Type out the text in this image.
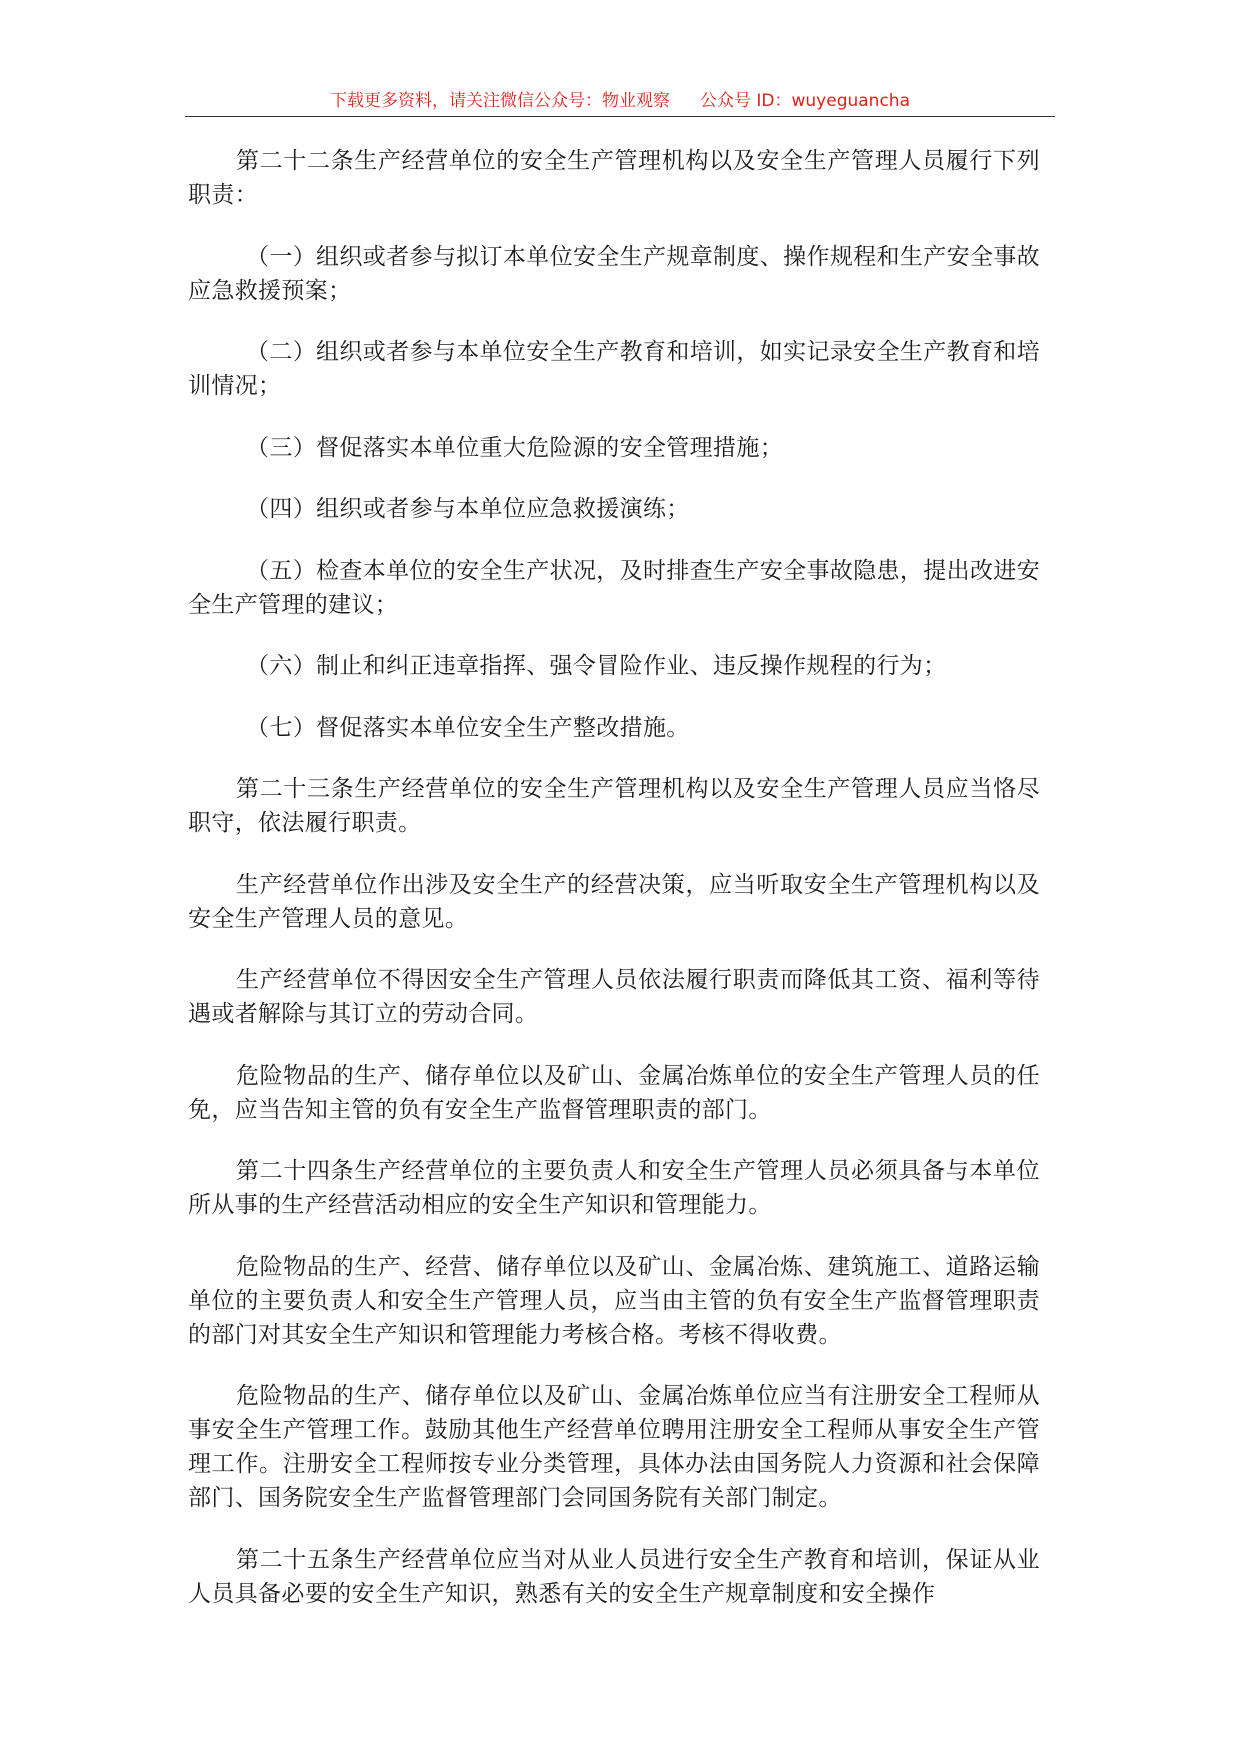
下载更多资料，请关注微信公众号：物业观察 公众号 ID：wuyeguancha

第二十二条生产经营单位的安全生产管理机构以及安全生产管理人员履行下列职责：

（一）组织或者参与拟订本单位安全生产规章制度、操作规程和生产安全事故应急救援预案；

（二）组织或者参与本单位安全生产教育和培训，如实记录安全生产教育和培训情况；

（三）督促落实本单位重大危险源的安全管理措施；

（四）组织或者参与本单位应急救援演练；

（五）检查本单位的安全生产状况，及时排查生产安全事故隐患，提出改进安全生产管理的建议；

（六）制止和纠正违章指挥、强令冒险作业、违反操作规程的行为；

（七）督促落实本单位安全生产整改措施。

第二十三条生产经营单位的安全生产管理机构以及安全生产管理人员应当恪尽职守，依法履行职责。

生产经营单位作出涉及安全生产的经营决策，应当听取安全生产管理机构以及安全生产管理人员的意见。

生产经营单位不得因安全生产管理人员依法履行职责而降低其工资、福利等待遇或者解除与其订立的劳动合同。

危险物品的生产、储存单位以及矿山、金属冶炼单位的安全生产管理人员的任免，应当告知主管的负有安全生产监督管理职责的部门。

第二十四条生产经营单位的主要负责人和安全生产管理人员必须具备与本单位所从事的生产经营活动相应的安全生产知识和管理能力。

危险物品的生产、经营、储存单位以及矿山、金属冶炼、建筑施工、道路运输单位的主要负责人和安全生产管理人员，应当由主管的负有安全生产监督管理职责的部门对其安全生产知识和管理能力考核合格。考核不得收费。

危险物品的生产、储存单位以及矿山、金属冶炼单位应当有注册安全工程师从事安全生产管理工作。鼓励其他生产经营单位聘用注册安全工程师从事安全生产管理工作。注册安全工程师按专业分类管理，具体办法由国务院人力资源和社会保障部门、国务院安全生产监督管理部门会同国务院有关部门制定。

第二十五条生产经营单位应当对从业人员进行安全生产教育和培训，保证从业人员具备必要的安全生产知识，熟悉有关的安全生产规章制度和安全操作
